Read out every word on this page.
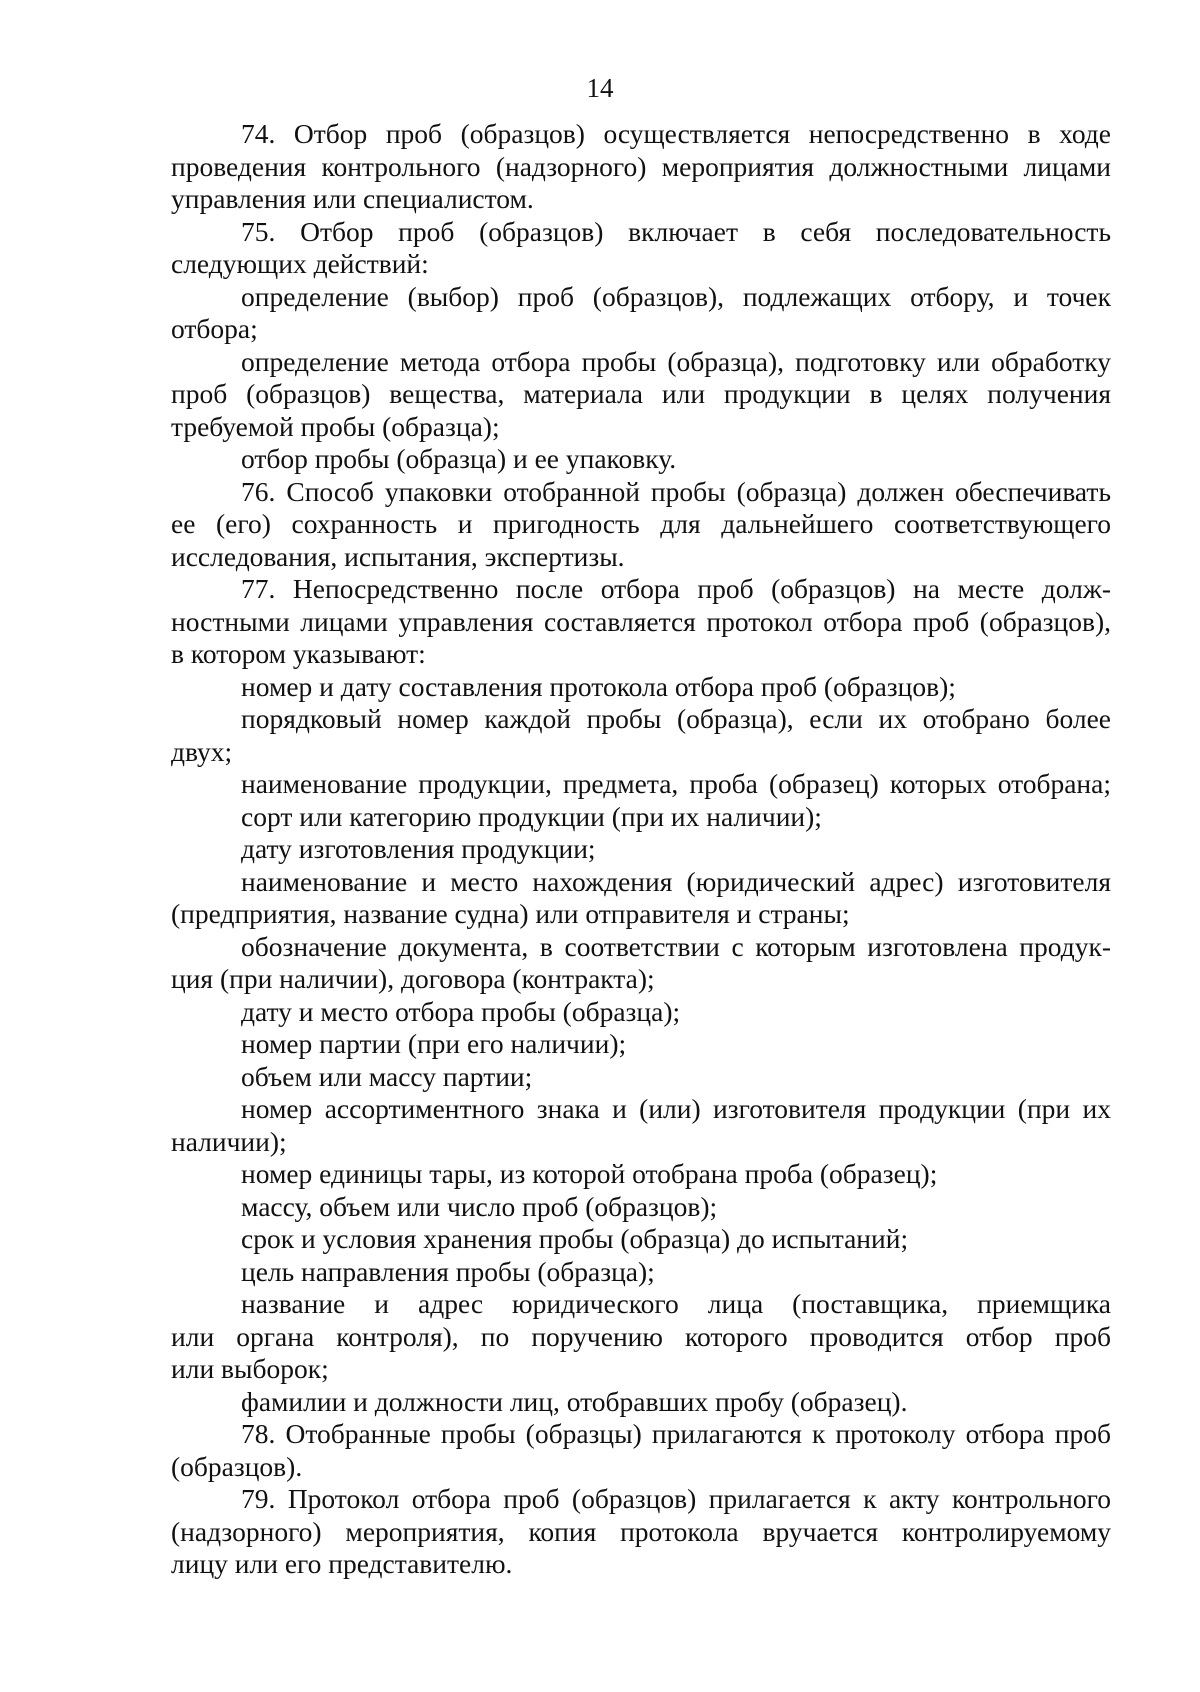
14
74. Отбор проб (образцов) осуществляется непосредственно в ходе
проведения контрольного (надзорного) мероприятия должностными лицами
управления или специалистом.
75. Отбор проб (образцов) включает в себя последовательность
следующих действий:
определение (выбор) проб (образцов), подлежащих отбору, и точек
отбора;
определение метода отбора пробы (образца), подготовку или обработку
проб (образцов) вещества, материала или продукции в целях получения
требуемой пробы (образца);
отбор пробы (образца) и ее упаковку.
76. Способ упаковки отобранной пробы (образца) должен обеспечивать
ее (его) сохранность и пригодность для дальнейшего соответствующего
исследования, испытания, экспертизы.
77. Непосредственно после отбора проб (образцов) на месте долж-
ностными лицами управления составляется протокол отбора проб (образцов),
в котором указывают:
номер и дату составления протокола отбора проб (образцов);
порядковый номер каждой пробы (образца), если их отобрано более
двух;
наименование продукции, предмета, проба (образец) которых отобрана;
сорт или категорию продукции (при их наличии);
дату изготовления продукции;
наименование и место нахождения (юридический адрес) изготовителя
(предприятия, название судна) или отправителя и страны;
обозначение документа, в соответствии с которым изготовлена продук-
ция (при наличии), договора (контракта);
дату и место отбора пробы (образца);
номер партии (при его наличии);
объем или массу партии;
номер ассортиментного знака и (или) изготовителя продукции (при их
наличии);
номер единицы тары, из которой отобрана проба (образец);
массу, объем или число проб (образцов);
срок и условия хранения пробы (образца) до испытаний;
цель направления пробы (образца);
название и адрес юридического лица (поставщика, приемщика
или органа контроля), по поручению которого проводится отбор проб
или выборок;
фамилии и должности лиц, отобравших пробу (образец).
78. Отобранные пробы (образцы) прилагаются к протоколу отбора проб
(образцов).
79. Протокол отбора проб (образцов) прилагается к акту контрольного
(надзорного) мероприятия, копия протокола вручается контролируемому
лицу или его представителю.
